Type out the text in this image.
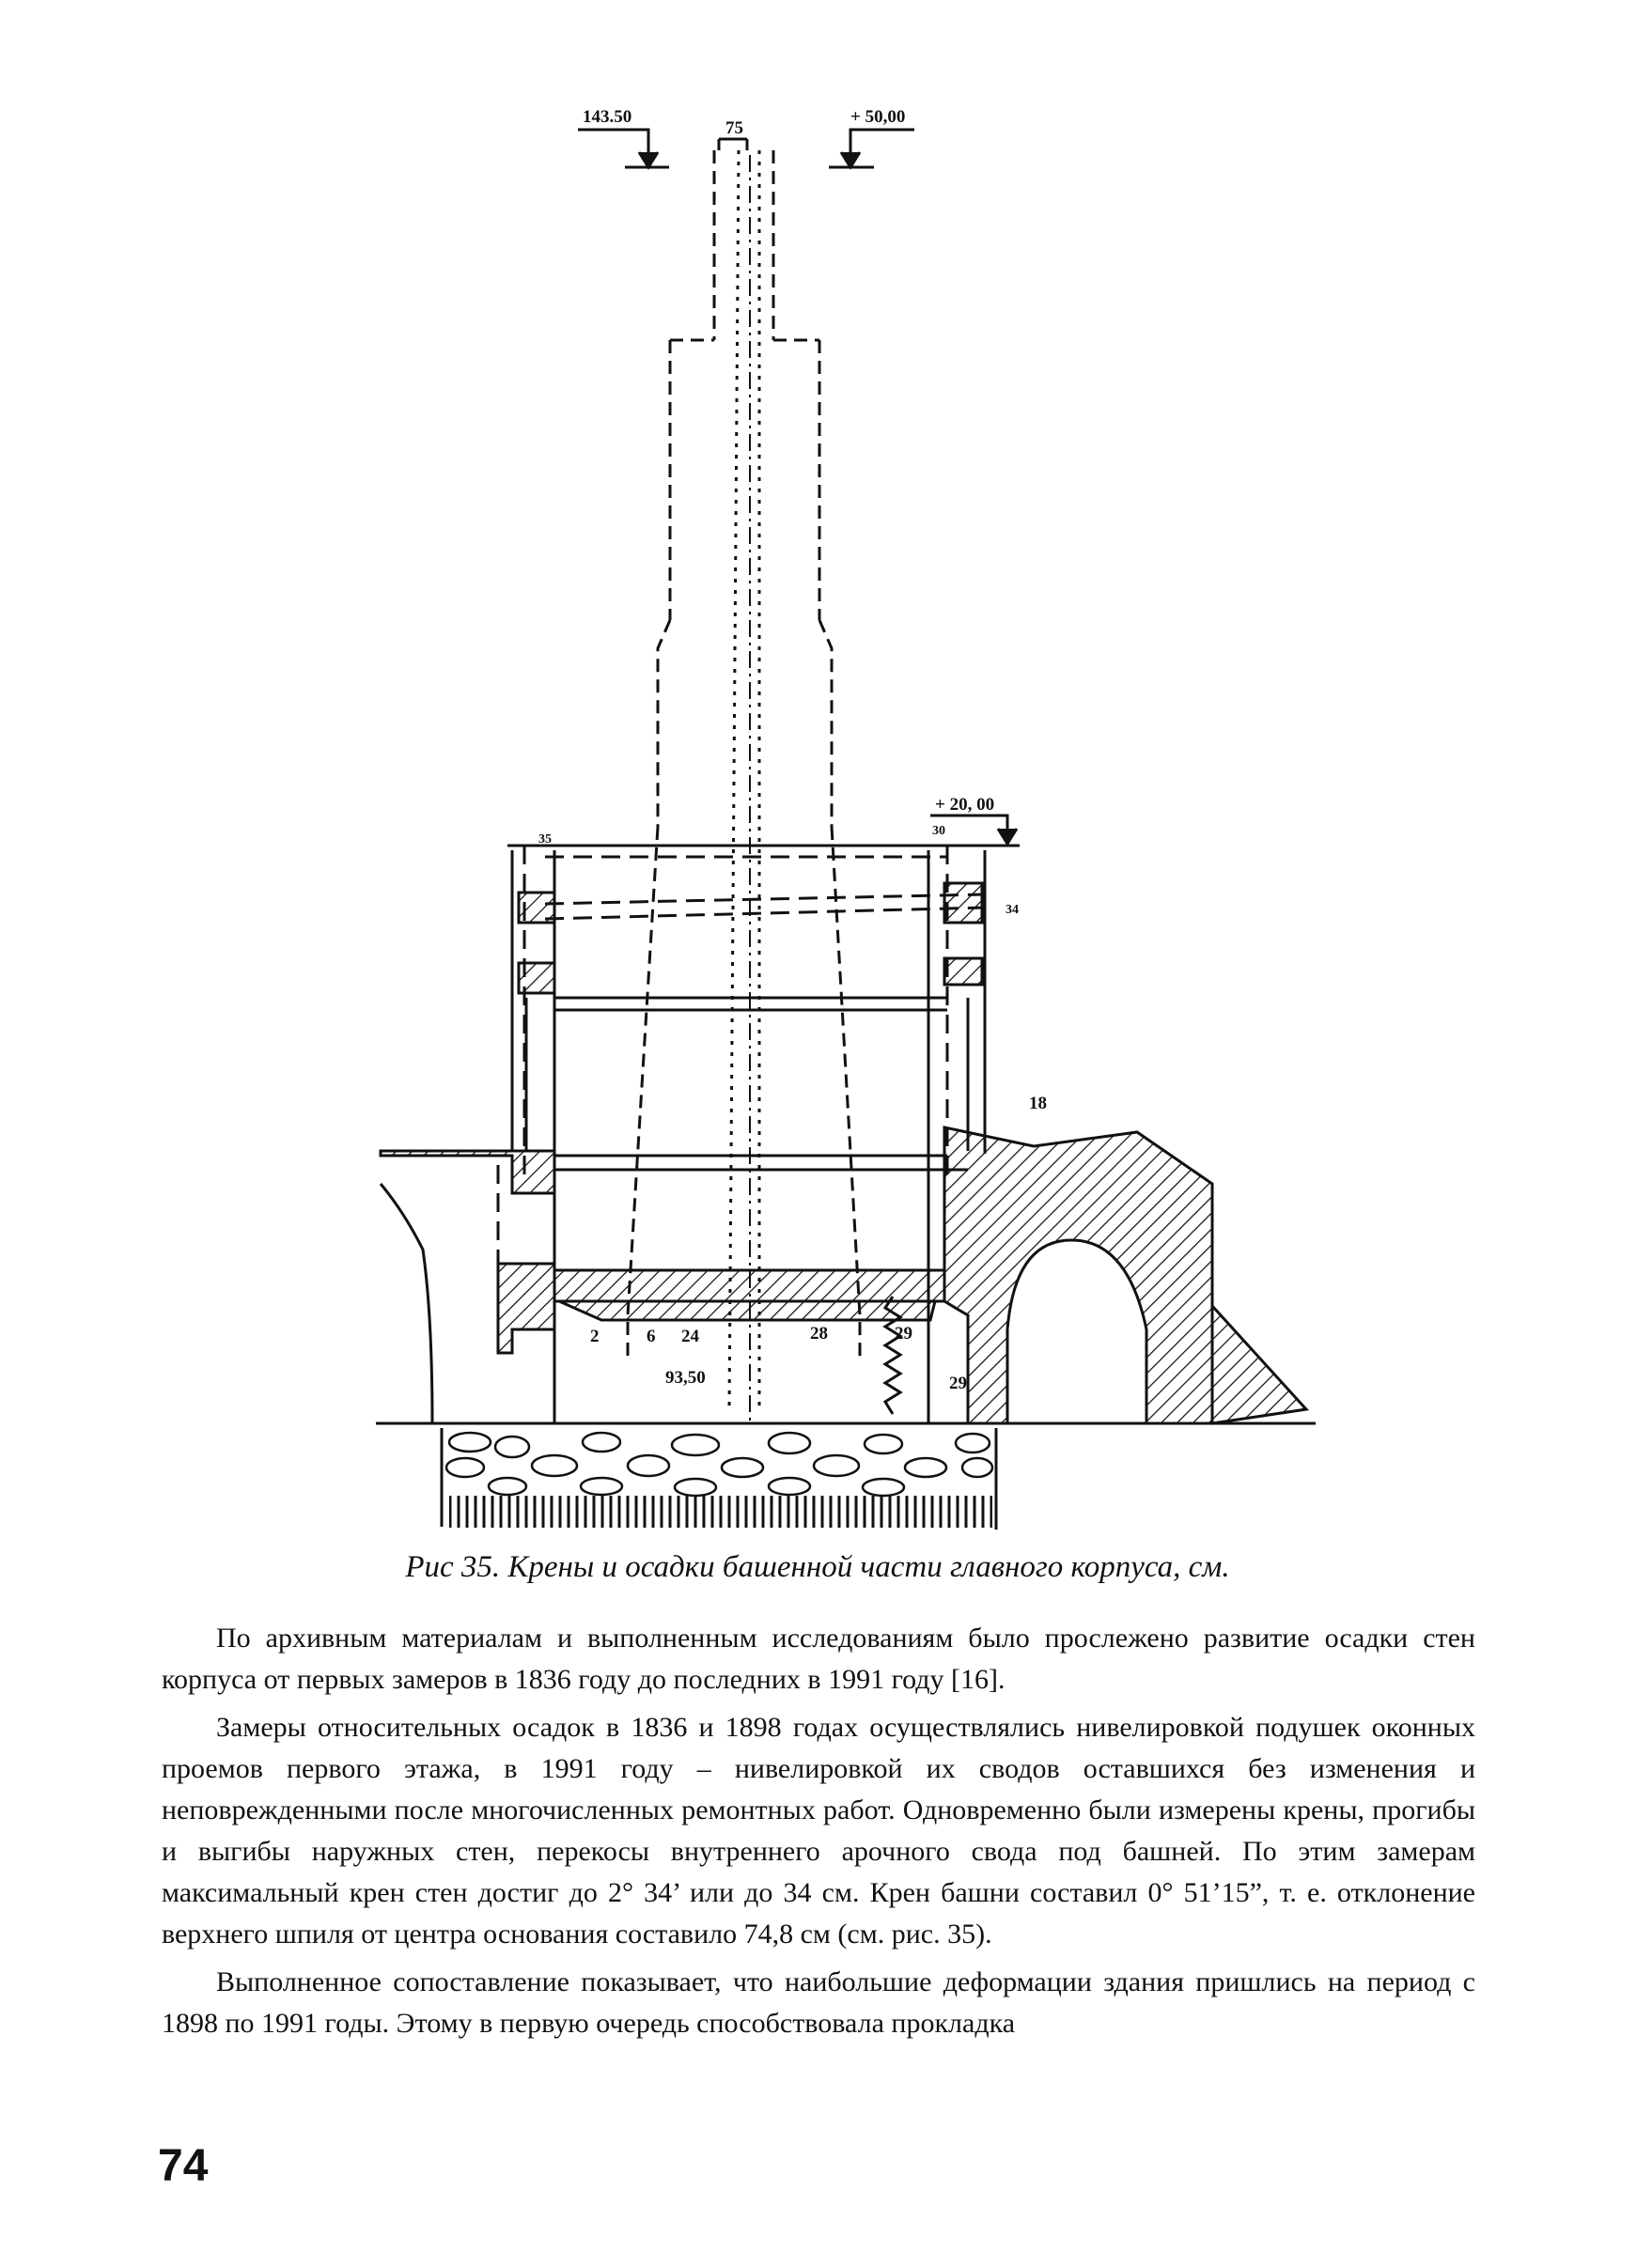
143.50
75
+ 50,00
+ 20, 00
35
30
34
18
93,50
2	6 24	28	29
29
Рис 35. Крены и осадки башенной части главного корпуса, см.

По архивным материалам и выполненным исследованиям было прослежено развитие осадки стен корпуса от первых замеров в 1836 году до последних в 1991 году [16].

Замеры относительных осадок в 1836 и 1898 годах осуществлялись нивелировкой подушек оконных проемов первого этажа, в 1991 году – нивелировкой их сводов оставшихся без изменения и неповрежденными после многочисленных ремонтных работ. Одновременно были измерены крены, прогибы и выгибы наружных стен, перекосы внутреннего арочного свода под башней. По этим замерам максимальный крен стен достиг до 2° 34’ или до 34 см. Крен башни составил 0° 51’15”, т. е. отклонение верхнего шпиля от центра основания составило 74,8 см (см. рис. 35).

Выполненное сопоставление показывает, что наибольшие деформации здания пришлись на период с 1898 по 1991 годы. Этому в первую очередь способствовала прокладка

74
